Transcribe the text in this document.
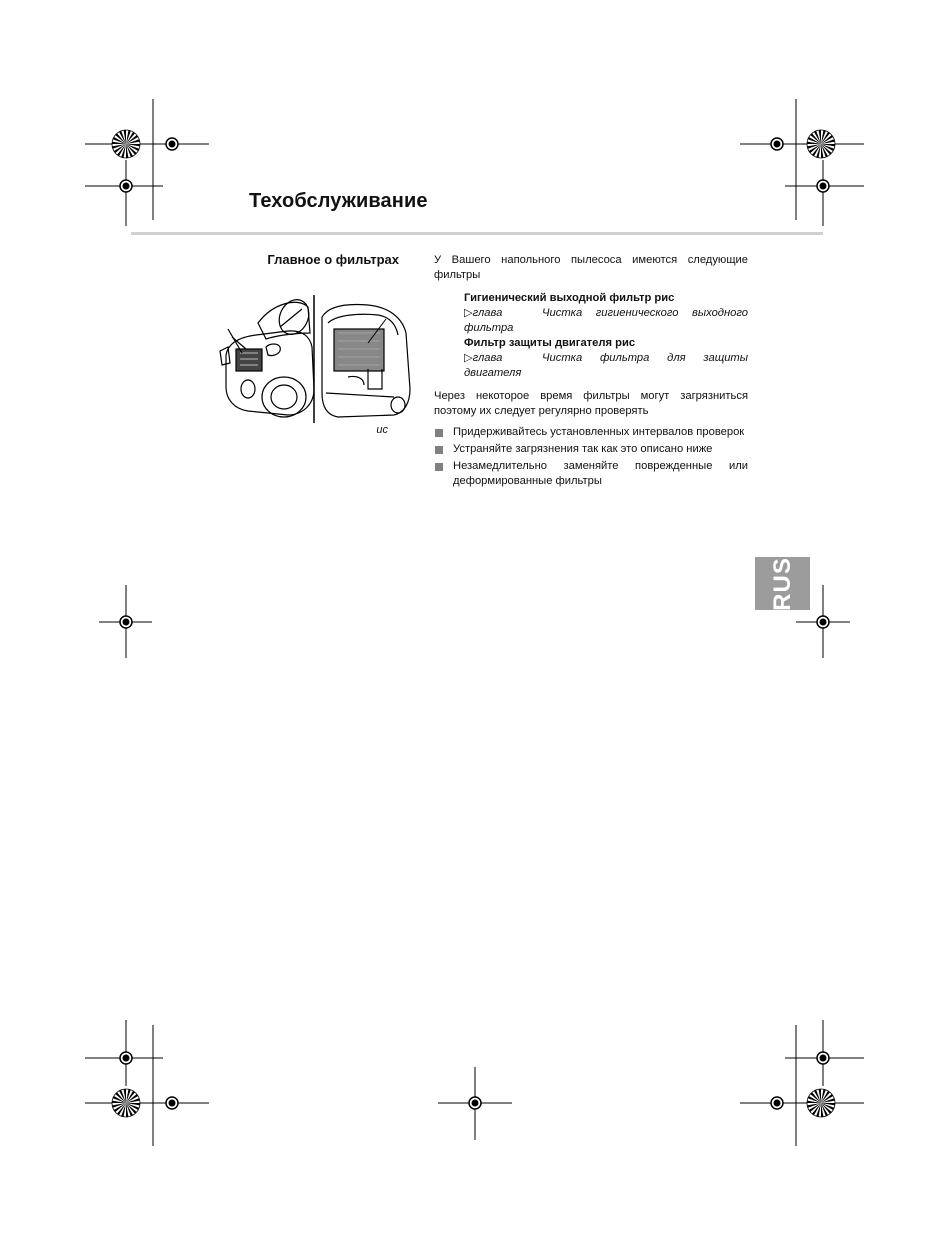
Техобслуживание
Главное о фильтрах
ис

У Вашего напольного пылесоса имеются следующие фильтры

Гигиенический выходной фильтр рис
▷глава	Чистка гигиенического выходного фильтра
Фильтр защиты двигателя рис
▷глава	Чистка фильтра для защиты двигателя

Через некоторое время фильтры могут загрязниться поэтому их следует регулярно проверять

Придерживайтесь установленных интервалов проверок
Устраняйте загрязнения так как это описано ниже
Незамедлительно заменяйте поврежденные или деформированные фильтры
RUS
